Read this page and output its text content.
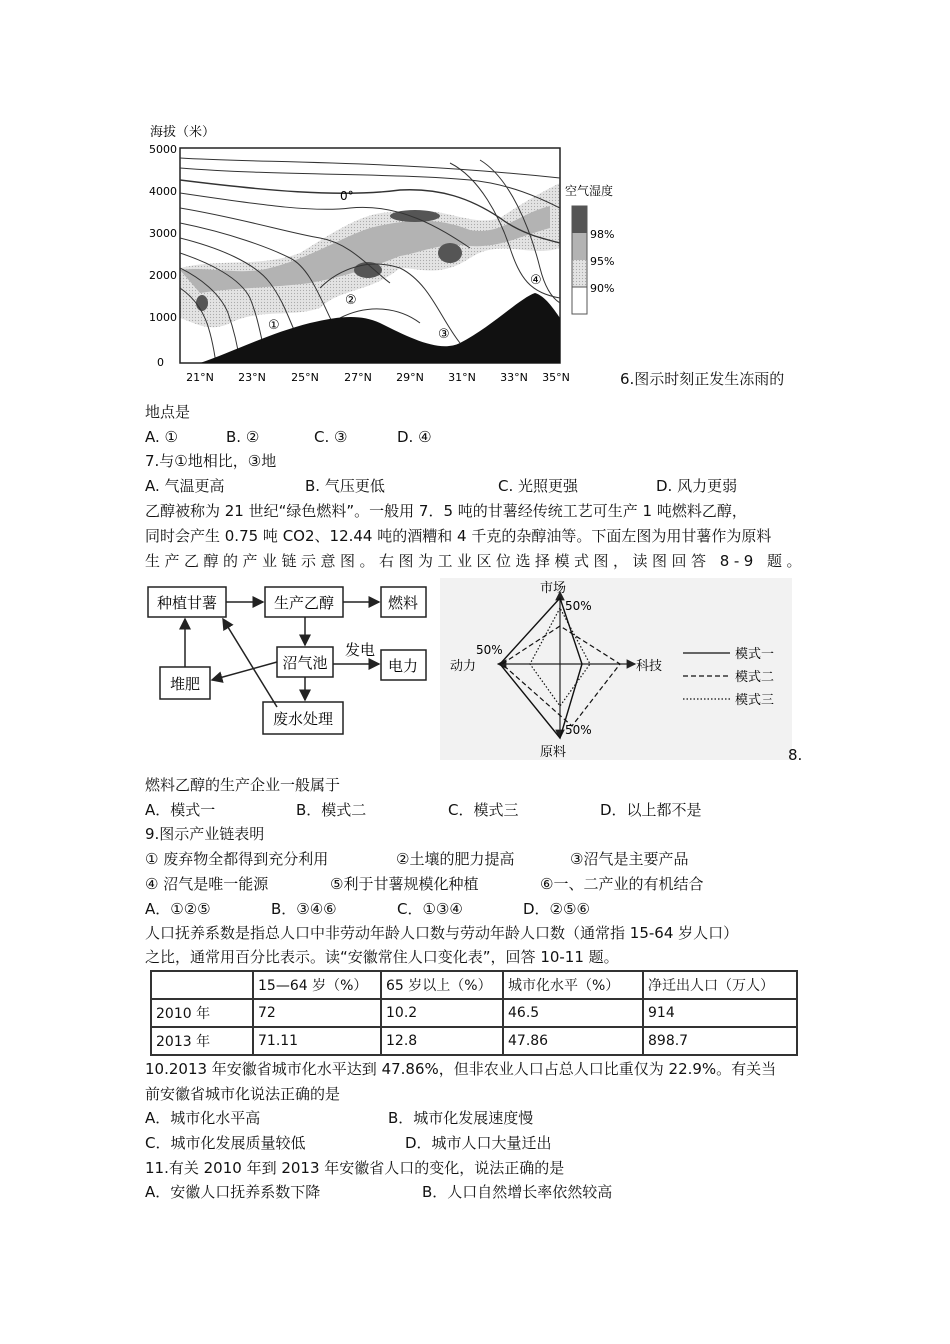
海拔（米）
5000
4000
3000
2000
1000
0
21°N 23°N 25°N 27°N 29°N 31°N 33°N 35°N
0°
①
②
③
④
空气湿度
98%
95%
90%
6.图示时刻正发生冻雨的
地点是
A. ①	B. ②	C. ③	D. ④
7.与①地相比，③地
A. 气温更高	B. 气压更低	C. 光照更强	D. 风力更弱
乙醇被称为 21 世纪“绿色燃料”。一般用 7．5 吨的甘薯经传统工艺可生产 1 吨燃料乙醇，
同时会产生 0.75 吨 CO2、12.44 吨的酒糟和 4 千克的杂醇油等。下面左图为用甘薯作为原料
生产乙醇的产业链示意图。右图为工业区位选择模式图，读图回答 8-9 题。
种植甘薯	生产乙醇	燃料
沼气池	电力
堆肥
废水处理
发电
市场
50%
动力
50%
科技
原料
50%
模式一
模式二
模式三
8.
燃料乙醇的生产企业一般属于
A．模式一	B．模式二	C．模式三	D．以上都不是
9.图示产业链表明
① 废弃物全都得到充分利用	②土壤的肥力提高	③沼气是主要产品
④ 沼气是唯一能源	⑤利于甘薯规模化种植	⑥一、二产业的有机结合
A．①②⑤	B．③④⑥	C．①③④	D．②⑤⑥
人口抚养系数是指总人口中非劳动年龄人口数与劳动年龄人口数（通常指 15-64 岁人口）
之比，通常用百分比表示。读“安徽常住人口变化表”，回答 10-11 题。
	15—64 岁（%）	65 岁以上（%）	城市化水平（%）	净迁出人口（万人）
2010 年	72	10.2	46.5	914
2013 年	71.11	12.8	47.86	898.7
10.2013 年安徽省城市化水平达到 47.86%，但非农业人口占总人口比重仅为 22.9%。有关当
前安徽省城市化说法正确的是
A．城市化水平高	B．城市化发展速度慢
C．城市化发展质量较低	D．城市人口大量迁出
11.有关 2010 年到 2013 年安徽省人口的变化，说法正确的是
A．安徽人口抚养系数下降	B．人口自然增长率依然较高
